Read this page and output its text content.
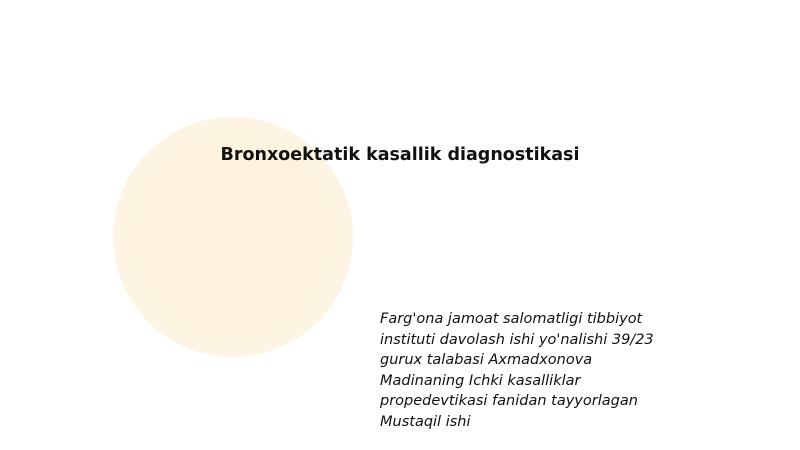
Bronxoektatik kasallik diagnostikasi
Farg'ona jamoat salomatligi tibbiyot
instituti davolash ishi yo'nalishi 39/23
gurux talabasi Axmadxonova
Madinaning Ichki kasalliklar
propedevtikasi fanidan tayyorlagan
Mustaqil ishi
